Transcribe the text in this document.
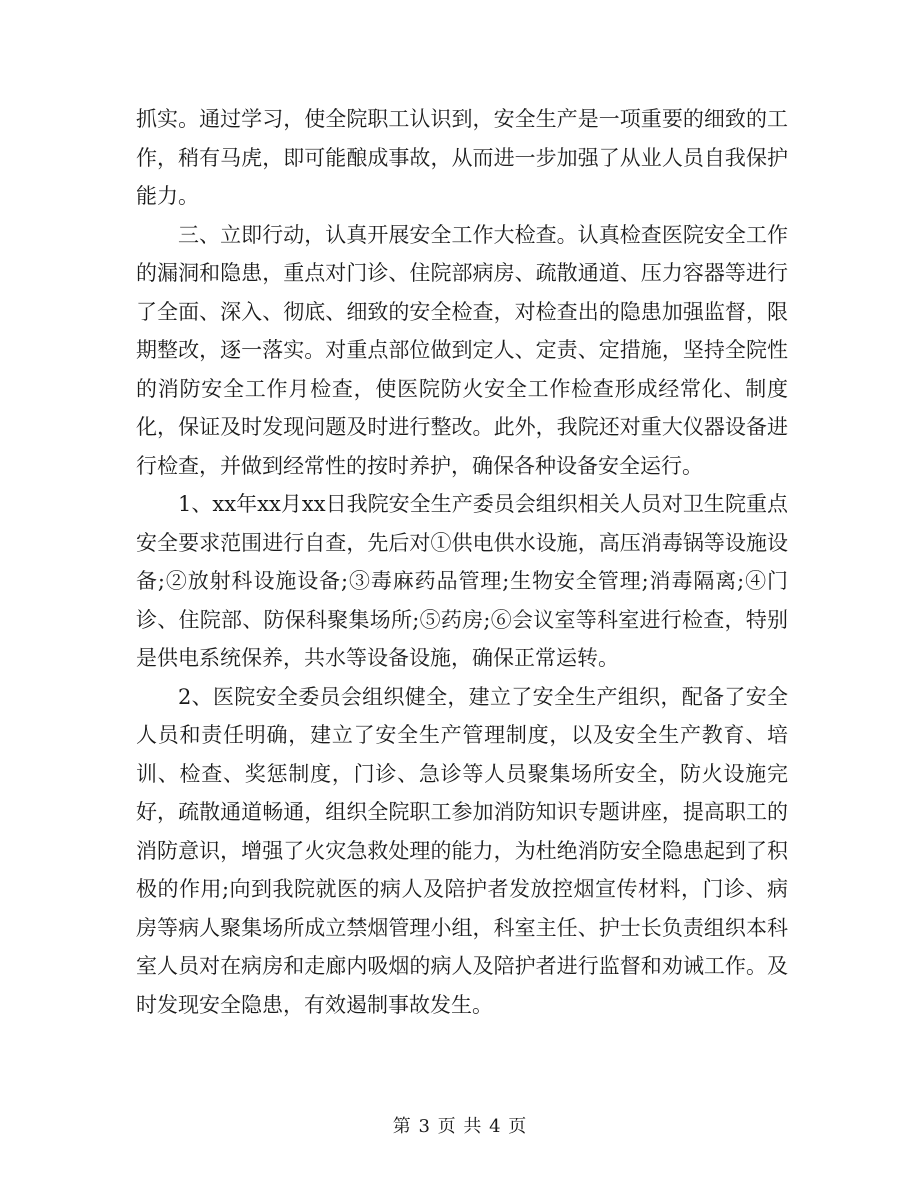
抓实。通过学习，使全院职工认识到，安全生产是一项重要的细致的工作，稍有马虎，即可能酿成事故，从而进一步加强了从业人员自我保护能力。

三、立即行动，认真开展安全工作大检查。认真检查医院安全工作的漏洞和隐患，重点对门诊、住院部病房、疏散通道、压力容器等进行了全面、深入、彻底、细致的安全检查，对检查出的隐患加强监督，限期整改，逐一落实。对重点部位做到定人、定责、定措施，坚持全院性的消防安全工作月检查，使医院防火安全工作检查形成经常化、制度化，保证及时发现问题及时进行整改。此外，我院还对重大仪器设备进行检查，并做到经常性的按时养护，确保各种设备安全运行。

1、xx年xx月xx日我院安全生产委员会组织相关人员对卫生院重点安全要求范围进行自查，先后对①供电供水设施，高压消毒锅等设施设备;②放射科设施设备;③毒麻药品管理;生物安全管理;消毒隔离;④门诊、住院部、防保科聚集场所;⑤药房;⑥会议室等科室进行检查，特别是供电系统保养，共水等设备设施，确保正常运转。

2、医院安全委员会组织健全，建立了安全生产组织，配备了安全人员和责任明确，建立了安全生产管理制度，以及安全生产教育、培训、检查、奖惩制度，门诊、急诊等人员聚集场所安全，防火设施完好，疏散通道畅通，组织全院职工参加消防知识专题讲座，提高职工的消防意识，增强了火灾急救处理的能力，为杜绝消防安全隐患起到了积极的作用;向到我院就医的病人及陪护者发放控烟宣传材料，门诊、病房等病人聚集场所成立禁烟管理小组，科室主任、护士长负责组织本科室人员对在病房和走廊内吸烟的病人及陪护者进行监督和劝诫工作。及时发现安全隐患，有效遏制事故发生。

第 3 页 共 4 页
